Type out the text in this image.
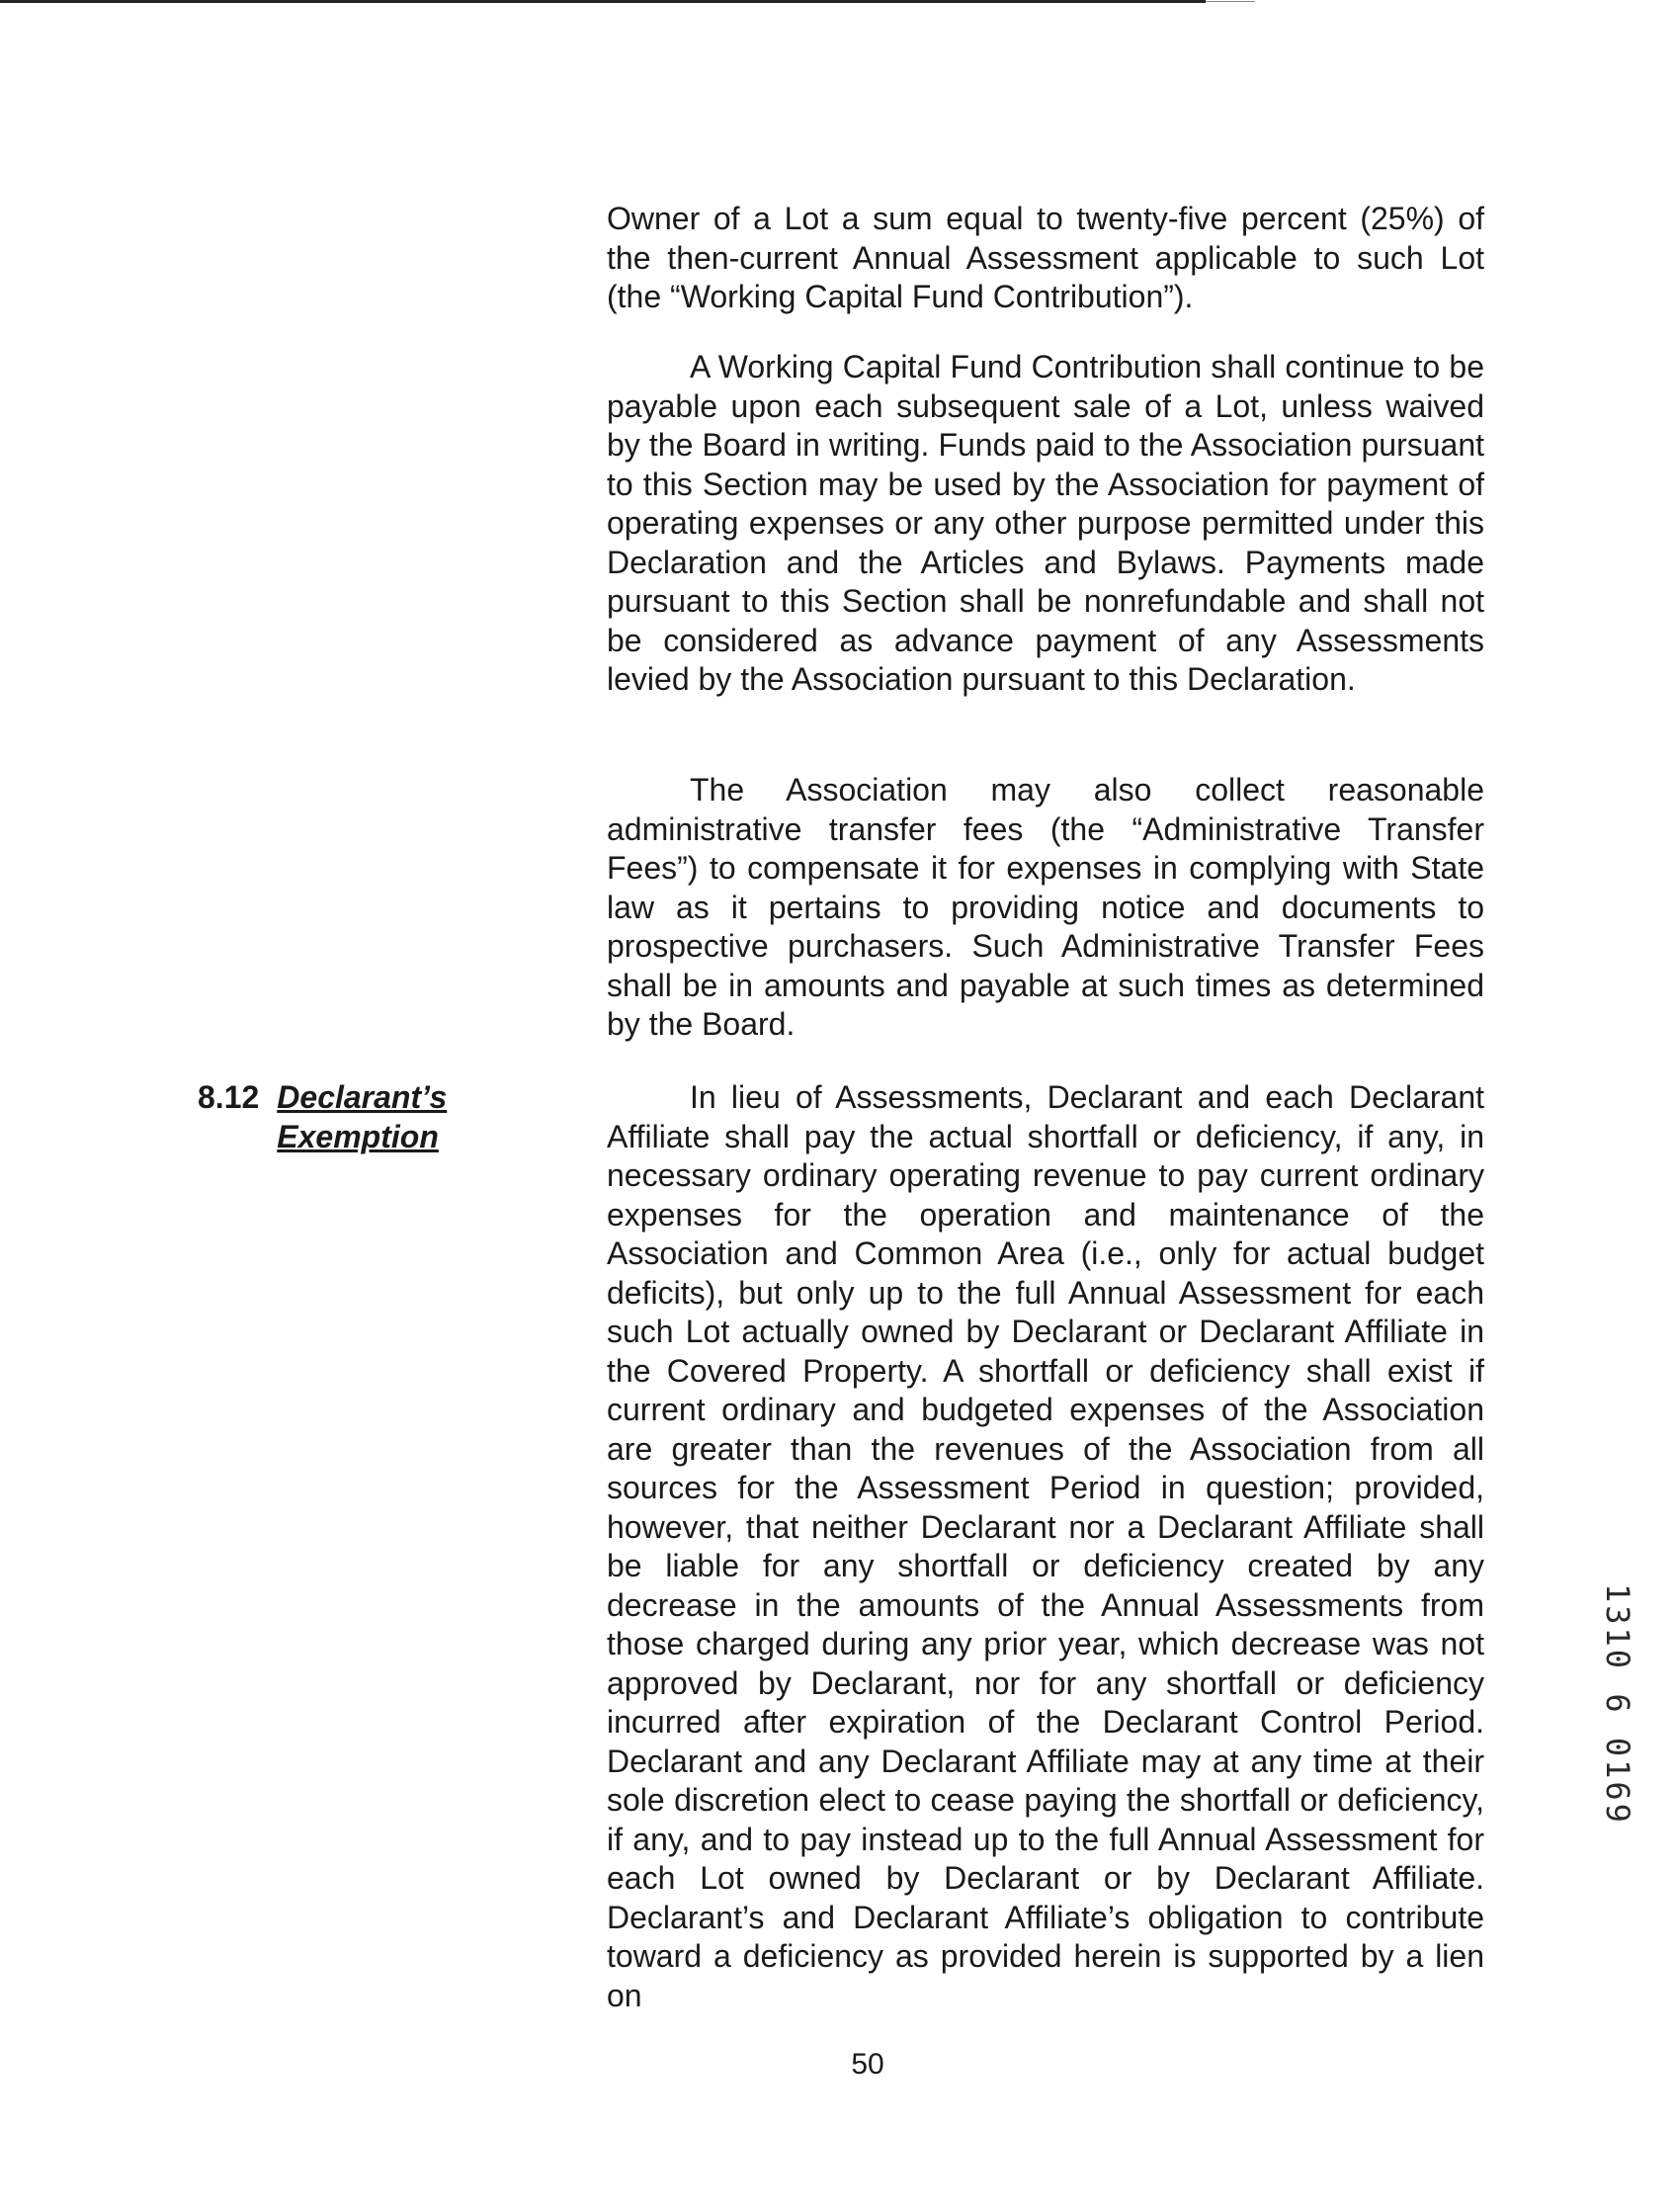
Owner of a Lot a sum equal to twenty-five percent (25%) of the then-current Annual Assessment applicable to such Lot (the “Working Capital Fund Contribution”).

A Working Capital Fund Contribution shall continue to be payable upon each subsequent sale of a Lot, unless waived by the Board in writing. Funds paid to the Association pursuant to this Section may be used by the Association for payment of operating expenses or any other purpose permitted under this Declaration and the Articles and Bylaws. Payments made pursuant to this Section shall be nonrefundable and shall not be considered as advance payment of any Assessments levied by the Association pursuant to this Declaration.

The Association may also collect reasonable administrative transfer fees (the “Administrative Transfer Fees”) to compensate it for expenses in complying with State law as it pertains to providing notice and documents to prospective purchasers. Such Administrative Transfer Fees shall be in amounts and payable at such times as determined by the Board.

8.12 Declarant’s Exemption

In lieu of Assessments, Declarant and each Declarant Affiliate shall pay the actual shortfall or deficiency, if any, in necessary ordinary operating revenue to pay current ordinary expenses for the operation and maintenance of the Association and Common Area (i.e., only for actual budget deficits), but only up to the full Annual Assessment for each such Lot actually owned by Declarant or Declarant Affiliate in the Covered Property. A shortfall or deficiency shall exist if current ordinary and budgeted expenses of the Association are greater than the revenues of the Association from all sources for the Assessment Period in question; provided, however, that neither Declarant nor a Declarant Affiliate shall be liable for any shortfall or deficiency created by any decrease in the amounts of the Annual Assessments from those charged during any prior year, which decrease was not approved by Declarant, nor for any shortfall or deficiency incurred after expiration of the Declarant Control Period. Declarant and any Declarant Affiliate may at any time at their sole discretion elect to cease paying the shortfall or deficiency, if any, and to pay instead up to the full Annual Assessment for each Lot owned by Declarant or by Declarant Affiliate. Declarant’s and Declarant Affiliate’s obligation to contribute toward a deficiency as provided herein is supported by a lien on

50
1310 6 0169
